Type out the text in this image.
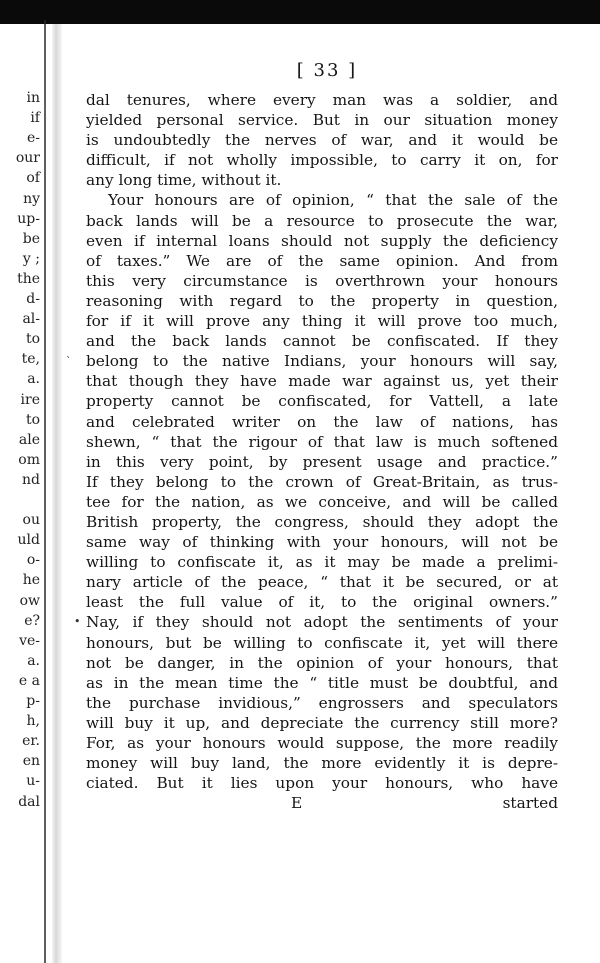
in
if
e-
our
of
ny
up-
be
y ;
the
d-
al-
to
te,
a.
ire
to
ale
om
nd
ou
uld
o-
he
ow
e?
ve-
a.
e a
p-
h,
er.
en
u-
dal
[ 33 ]
dal tenures, where every man was a soldier, and
yielded personal service. But in our situation money
is undoubtedly the nerves of war, and it would be
difficult, if not wholly impossible, to carry it on, for
any long time, without it.
Your honours are of opinion, “ that the sale of the
back lands will be a resource to prosecute the war,
even if internal loans should not supply the deficiency
of taxes.” We are of the same opinion. And from
this very circumstance is overthrown your honours
reasoning with regard to the property in question,
for if it will prove any thing it will prove too much,
and the back lands cannot be confiscated. If they
belong to the native Indians, your honours will say,
that though they have made war against us, yet their
property cannot be confiscated, for Vattell, a late
and celebrated writer on the law of nations, has
shewn, “ that the rigour of that law is much softened
in this very point, by present usage and practice.”
If they belong to the crown of Great-Britain, as trus-
tee for the nation, as we conceive, and will be called
British property, the congress, should they adopt the
same way of thinking with your honours, will not be
willing to confiscate it, as it may be made a prelimi-
nary article of the peace, “ that it be secured, or at
least the full value of it, to the original owners.”
Nay, if they should not adopt the sentiments of your
honours, but be willing to confiscate it, yet will there
not be danger, in the opinion of your honours, that
as in the mean time the “ title must be doubtful, and
the purchase invidious,” engrossers and speculators
will buy it up, and depreciate the currency still more?
For, as your honours would suppose, the more readily
money will buy land, the more evidently it is depre-
ciated. But it lies upon your honours, who have
E	started
`
•
